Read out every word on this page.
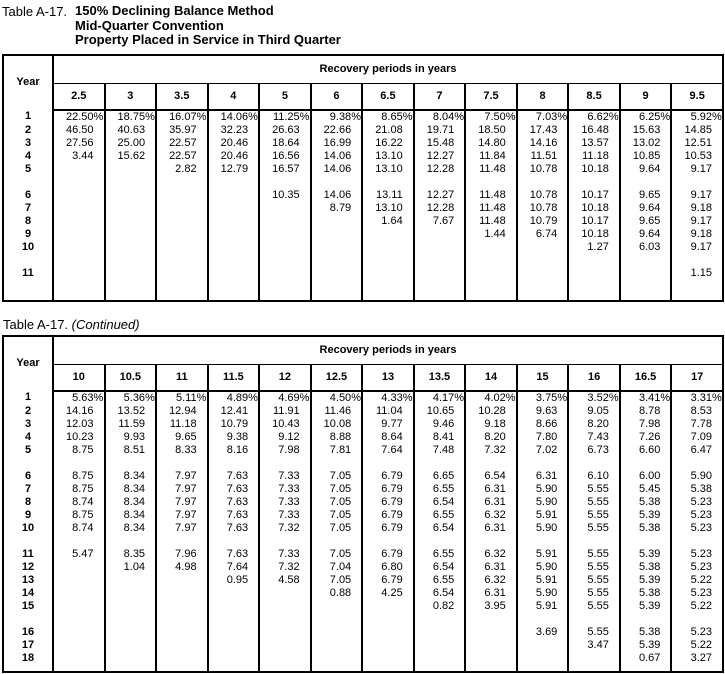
Table A-17. 150% Declining Balance Method
Mid-Quarter Convention
Property Placed in Service in Third Quarter
Year	Recovery periods in years												
	2.5	3	3.5	4	5	6	6.5	7	7.5	8	8.5	9	9.5
1	22.50%	18.75%	16.07%	14.06%	11.25%	9.38%	8.65%	8.04%	7.50%	7.03%	6.62%	6.25%	5.92%
2	46.50	40.63	35.97	32.23	26.63	22.66	21.08	19.71	18.50	17.43	16.48	15.63	14.85
3	27.56	25.00	22.57	20.46	18.64	16.99	16.22	15.48	14.80	14.16	13.57	13.02	12.51
4	3.44	15.62	22.57	20.46	16.56	14.06	13.10	12.27	11.84	11.51	11.18	10.85	10.53
5			2.82	12.79	16.57	14.06	13.10	12.28	11.48	10.78	10.18	9.64	9.17

6					10.35	14.06	13.11	12.27	11.48	10.78	10.17	9.65	9.17
7						8.79	13.10	12.28	11.48	10.78	10.18	9.64	9.18
8							1.64	7.67	11.48	10.79	10.17	9.65	9.17
9									1.44	6.74	10.18	9.64	9.18
10											1.27	6.03	9.17

11													1.15

Table A-17. (Continued)
Year	Recovery periods in years												
	10	10.5	11	11.5	12	12.5	13	13.5	14	15	16	16.5	17
1	5.63%	5.36%	5.11%	4.89%	4.69%	4.50%	4.33%	4.17%	4.02%	3.75%	3.52%	3.41%	3.31%
2	14.16	13.52	12.94	12.41	11.91	11.46	11.04	10.65	10.28	9.63	9.05	8.78	8.53
3	12.03	11.59	11.18	10.79	10.43	10.08	9.77	9.46	9.18	8.66	8.20	7.98	7.78
4	10.23	9.93	9.65	9.38	9.12	8.88	8.64	8.41	8.20	7.80	7.43	7.26	7.09
5	8.75	8.51	8.33	8.16	7.98	7.81	7.64	7.48	7.32	7.02	6.73	6.60	6.47

6	8.75	8.34	7.97	7.63	7.33	7.05	6.79	6.65	6.54	6.31	6.10	6.00	5.90
7	8.75	8.34	7.97	7.63	7.33	7.05	6.79	6.55	6.31	5.90	5.55	5.45	5.38
8	8.74	8.34	7.97	7.63	7.33	7.05	6.79	6.54	6.31	5.90	5.55	5.38	5.23
9	8.75	8.34	7.97	7.63	7.33	7.05	6.79	6.55	6.32	5.91	5.55	5.39	5.23
10	8.74	8.34	7.97	7.63	7.32	7.05	6.79	6.54	6.31	5.90	5.55	5.38	5.23

11	5.47	8.35	7.96	7.63	7.33	7.05	6.79	6.55	6.32	5.91	5.55	5.39	5.23
12		1.04	4.98	7.64	7.32	7.04	6.80	6.54	6.31	5.90	5.55	5.38	5.23
13				0.95	4.58	7.05	6.79	6.55	6.32	5.91	5.55	5.39	5.22
14						0.88	4.25	6.54	6.31	5.90	5.55	5.38	5.23
15								0.82	3.95	5.91	5.55	5.39	5.22

16										3.69	5.55	5.38	5.23
17											3.47	5.39	5.22
18												0.67	3.27
